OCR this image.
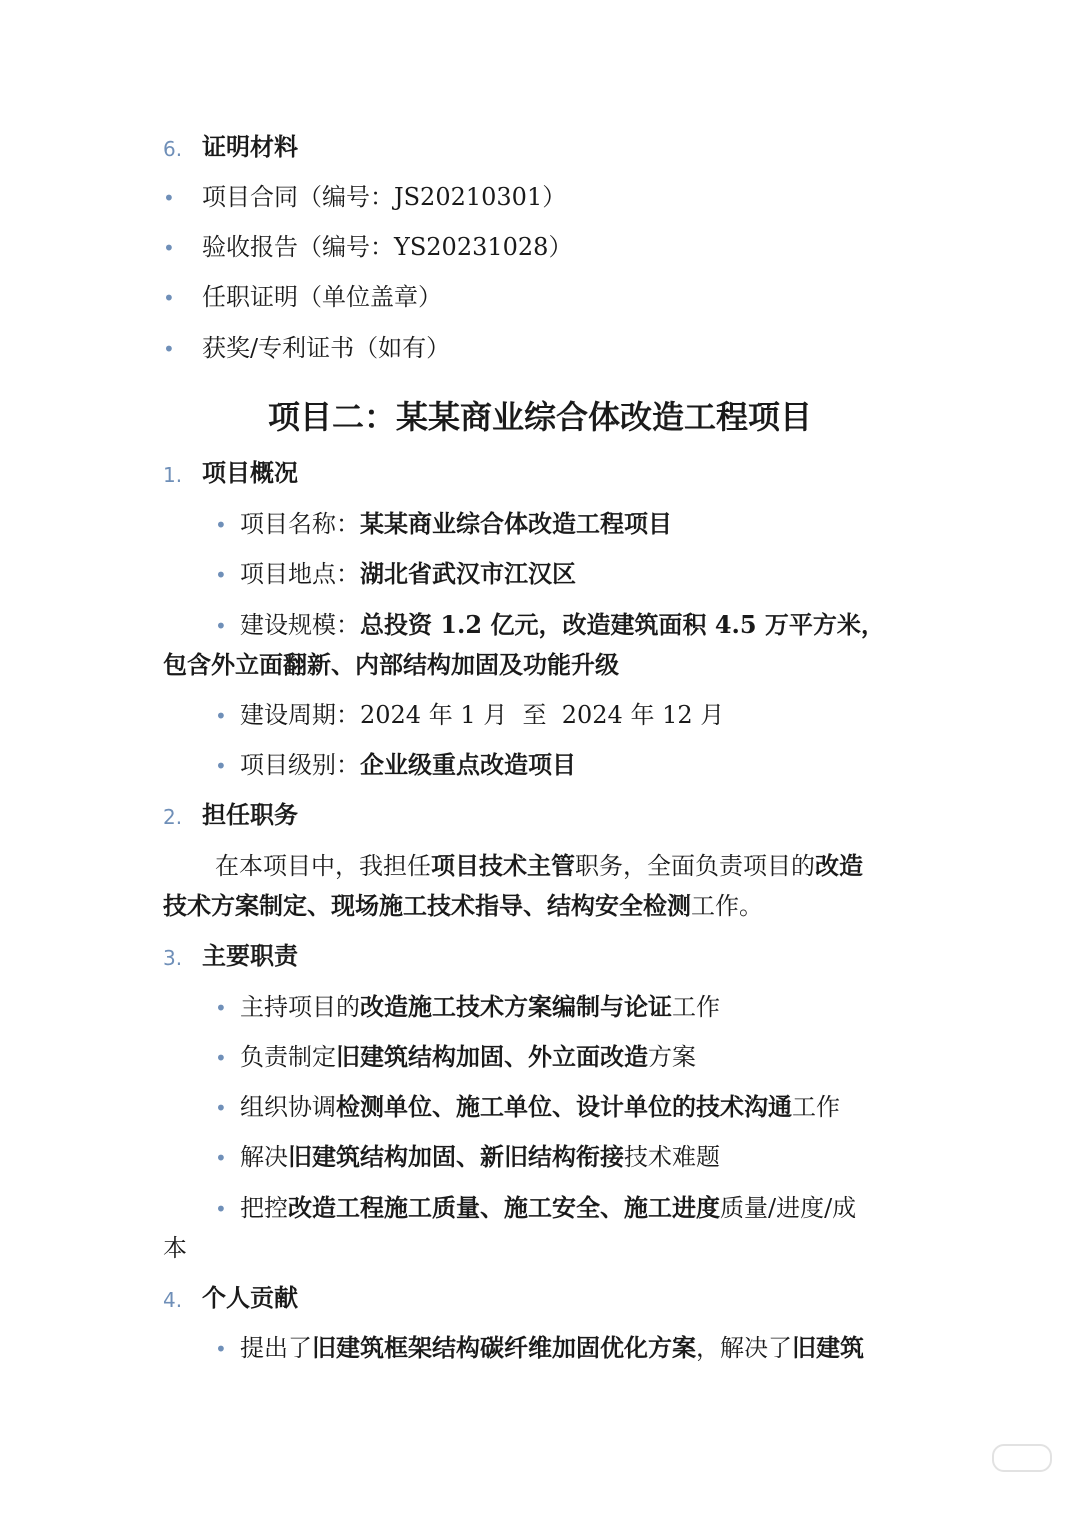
6. 证明材料
• 项目合同（编号：JS20210301）
• 验收报告（编号：YS20231028）
• 任职证明（单位盖章）
• 获奖/专利证书（如有）
项目二：某某商业综合体改造工程项目
1. 项目概况
• 项目名称：某某商业综合体改造工程项目
• 项目地点：湖北省武汉市江汉区
• 建设规模：总投资 1.2 亿元，改造建筑面积 4.5 万平方米，
包含外立面翻新、内部结构加固及功能升级
• 建设周期：2024 年 1 月  至  2024 年 12 月
• 项目级别：企业级重点改造项目
2. 担任职务
在本项目中，我担任项目技术主管职务，全面负责项目的改造
技术方案制定、现场施工技术指导、结构安全检测工作。
3. 主要职责
• 主持项目的改造施工技术方案编制与论证工作
• 负责制定旧建筑结构加固、外立面改造方案
• 组织协调检测单位、施工单位、设计单位的技术沟通工作
• 解决旧建筑结构加固、新旧结构衔接技术难题
• 把控改造工程施工质量、施工安全、施工进度质量/进度/成
本
4. 个人贡献
• 提出了旧建筑框架结构碳纤维加固优化方案，解决了旧建筑
